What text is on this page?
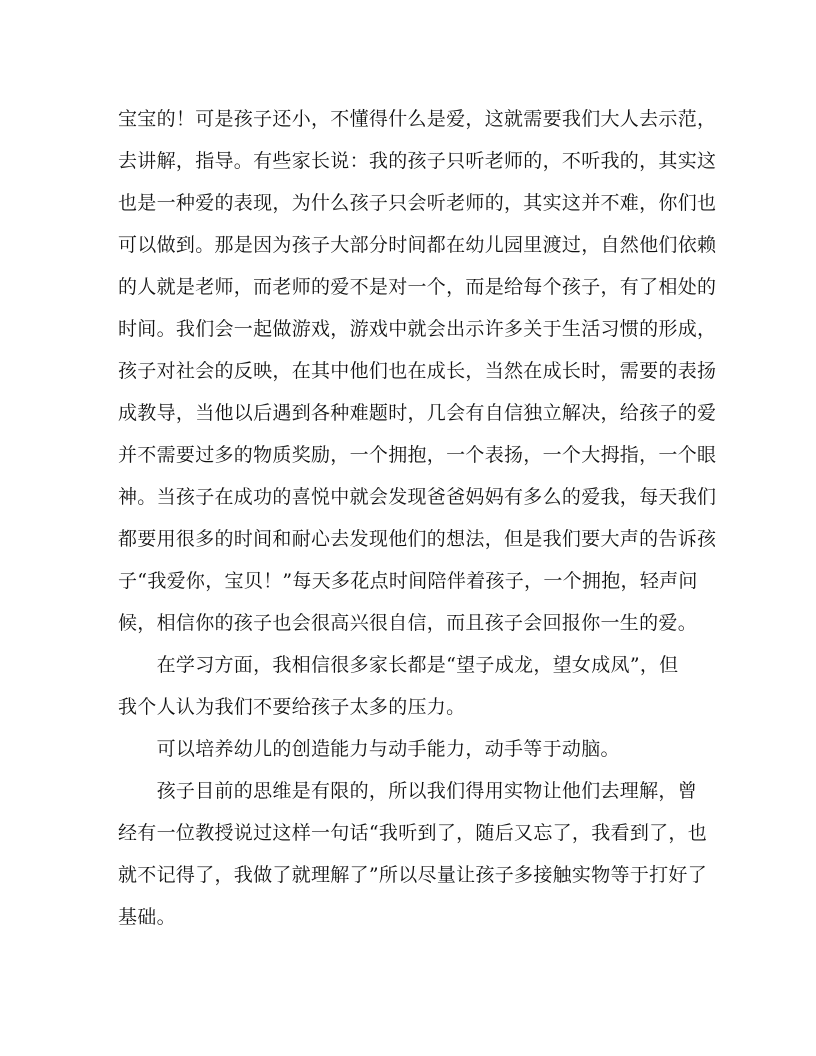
宝宝的！可是孩子还小，不懂得什么是爱，这就需要我们大人去示范，
去讲解，指导。有些家长说：我的孩子只听老师的，不听我的，其实这
也是一种爱的表现，为什么孩子只会听老师的，其实这并不难，你们也
可以做到。那是因为孩子大部分时间都在幼儿园里渡过，自然他们依赖
的人就是老师，而老师的爱不是对一个，而是给每个孩子，有了相处的
时间。我们会一起做游戏，游戏中就会出示许多关于生活习惯的形成，
孩子对社会的反映，在其中他们也在成长，当然在成长时，需要的表扬
成教导，当他以后遇到各种难题时，几会有自信独立解决，给孩子的爱
并不需要过多的物质奖励，一个拥抱，一个表扬，一个大拇指，一个眼
神。当孩子在成功的喜悦中就会发现爸爸妈妈有多么的爱我，每天我们
都要用很多的时间和耐心去发现他们的想法，但是我们要大声的告诉孩
子“我爱你，宝贝！”每天多花点时间陪伴着孩子，一个拥抱，轻声问
候，相信你的孩子也会很高兴很自信，而且孩子会回报你一生的爱。
　　在学习方面，我相信很多家长都是“望子成龙，望女成凤”，但
我个人认为我们不要给孩子太多的压力。
　　可以培养幼儿的创造能力与动手能力，动手等于动脑。
　　孩子目前的思维是有限的，所以我们得用实物让他们去理解，曾
经有一位教授说过这样一句话“我听到了，随后又忘了，我看到了，也
就不记得了，我做了就理解了”所以尽量让孩子多接触实物等于打好了
基础。
